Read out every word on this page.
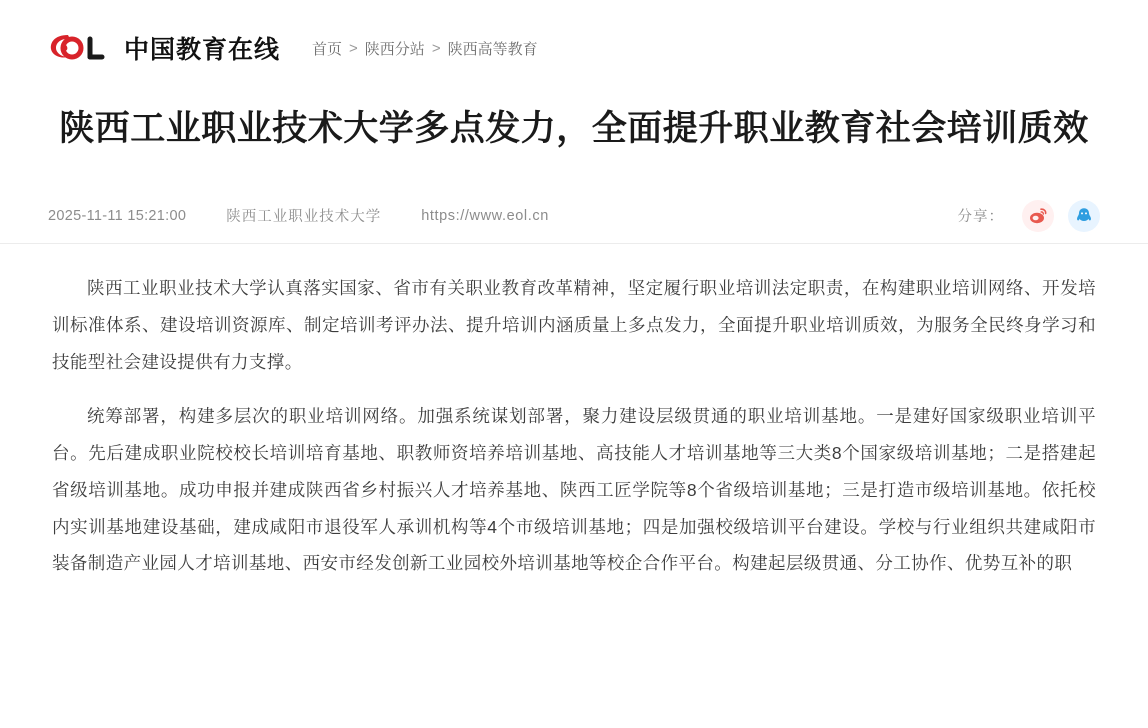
中国教育在线 首页 > 陕西分站 > 陕西高等教育
陕西工业职业技术大学多点发力，全面提升职业教育社会培训质效
2025-11-11 15:21:00	陕西工业职业技术大学	https://www.eol.cn	分享：

陕西工业职业技术大学认真落实国家、省市有关职业教育改革精神，坚定履行职业培训法定职责，在构建职业培训网络、开发培训标准体系、建设培训资源库、制定培训考评办法、提升培训内涵质量上多点发力，全面提升职业培训质效，为服务全民终身学习和技能型社会建设提供有力支撑。

统筹部署，构建多层次的职业培训网络。加强系统谋划部署，聚力建设层级贯通的职业培训基地。一是建好国家级职业培训平台。先后建成职业院校校长培训培育基地、职教师资培养培训基地、高技能人才培训基地等三大类8个国家级培训基地；二是搭建起省级培训基地。成功申报并建成陕西省乡村振兴人才培养基地、陕西工匠学院等8个省级培训基地；三是打造市级培训基地。依托校内实训基地建设基础，建成咸阳市退役军人承训机构等4个市级培训基地；四是加强校级培训平台建设。学校与行业组织共建咸阳市装备制造产业园人才培训基地、西安市经发创新工业园校外培训基地等校企合作平台。构建起层级贯通、分工协作、优势互补的职
